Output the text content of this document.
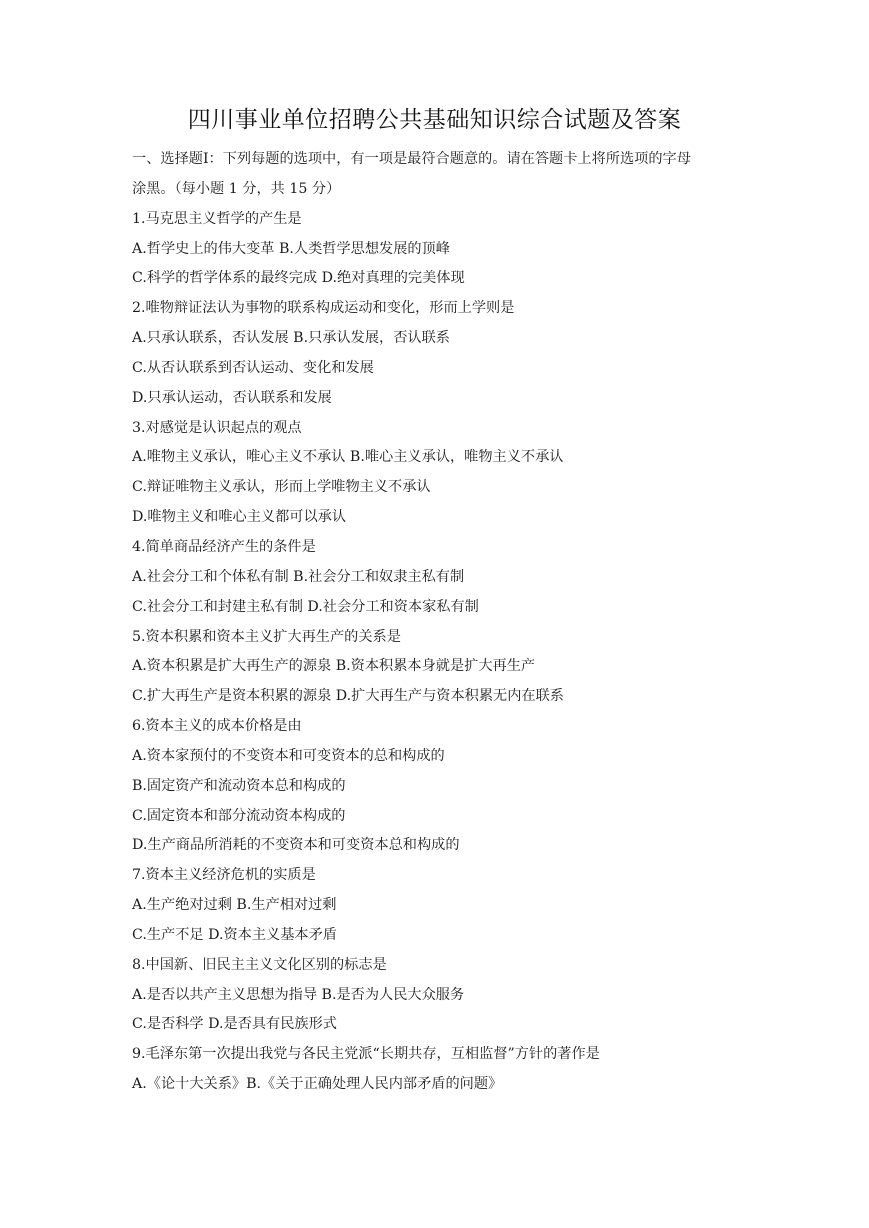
四川事业单位招聘公共基础知识综合试题及答案
一、选择题Ⅰ：下列每题的选项中，有一项是最符合题意的。请在答题卡上将所选项的字母
涂黑。（每小题 1 分，共 15 分）
1.马克思主义哲学的产生是
A.哲学史上的伟大变革 B.人类哲学思想发展的顶峰
C.科学的哲学体系的最终完成 D.绝对真理的完美体现
2.唯物辩证法认为事物的联系构成运动和变化，形而上学则是
A.只承认联系，否认发展 B.只承认发展，否认联系
C.从否认联系到否认运动、变化和发展
D.只承认运动，否认联系和发展
3.对感觉是认识起点的观点
A.唯物主义承认，唯心主义不承认 B.唯心主义承认，唯物主义不承认
C.辩证唯物主义承认，形而上学唯物主义不承认
D.唯物主义和唯心主义都可以承认
4.简单商品经济产生的条件是
A.社会分工和个体私有制 B.社会分工和奴隶主私有制
C.社会分工和封建主私有制 D.社会分工和资本家私有制
5.资本积累和资本主义扩大再生产的关系是
A.资本积累是扩大再生产的源泉 B.资本积累本身就是扩大再生产
C.扩大再生产是资本积累的源泉 D.扩大再生产与资本积累无内在联系
6.资本主义的成本价格是由
A.资本家预付的不变资本和可变资本的总和构成的
B.固定资产和流动资本总和构成的
C.固定资本和部分流动资本构成的
D.生产商品所消耗的不变资本和可变资本总和构成的
7.资本主义经济危机的实质是
A.生产绝对过剩 B.生产相对过剩
C.生产不足 D.资本主义基本矛盾
8.中国新、旧民主主义文化区别的标志是
A.是否以共产主义思想为指导 B.是否为人民大众服务
C.是否科学 D.是否具有民族形式
9.毛泽东第一次提出我党与各民主党派“长期共存，互相监督”方针的著作是
A.《论十大关系》B.《关于正确处理人民内部矛盾的问题》
